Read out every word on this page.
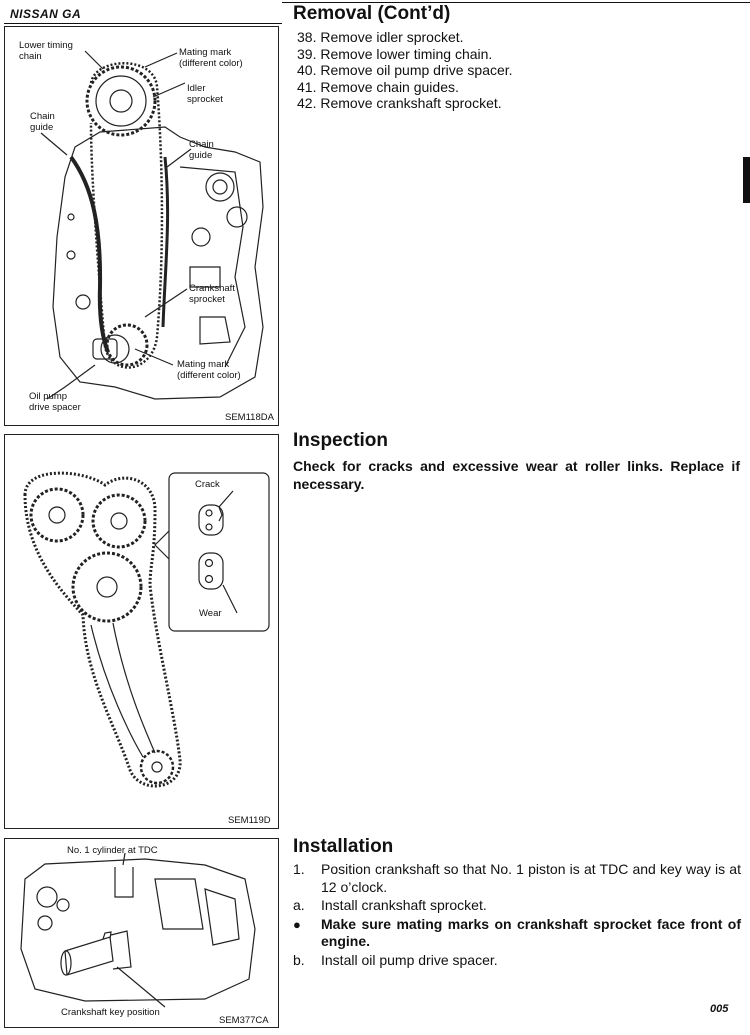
NISSAN GA
Lower timing
chain	Mating mark
(different color)
Idler
sprocket
Chain
guide
Chain
guide
Crankshaft
sprocket
Mating mark
(different color)
Oil pump
drive spacer
SEM118DA
Removal (Cont’d)
38. Remove idler sprocket.
39. Remove lower timing chain.
40. Remove oil pump drive spacer.
41. Remove chain guides.
42. Remove crankshaft sprocket.
Crack
Wear
SEM119D
Inspection

Check for cracks and excessive wear at roller links. Replace if necessary.

No. 1 cylinder at TDC
Crankshaft key position
SEM377CA
Installation
1.	Position crankshaft so that No. 1 piston is at TDC and key way is at 12 o’clock.
a.	Install crankshaft sprocket.
●	Make sure mating marks on crankshaft sprocket face front of engine.
b.	Install oil pump drive spacer.
005
